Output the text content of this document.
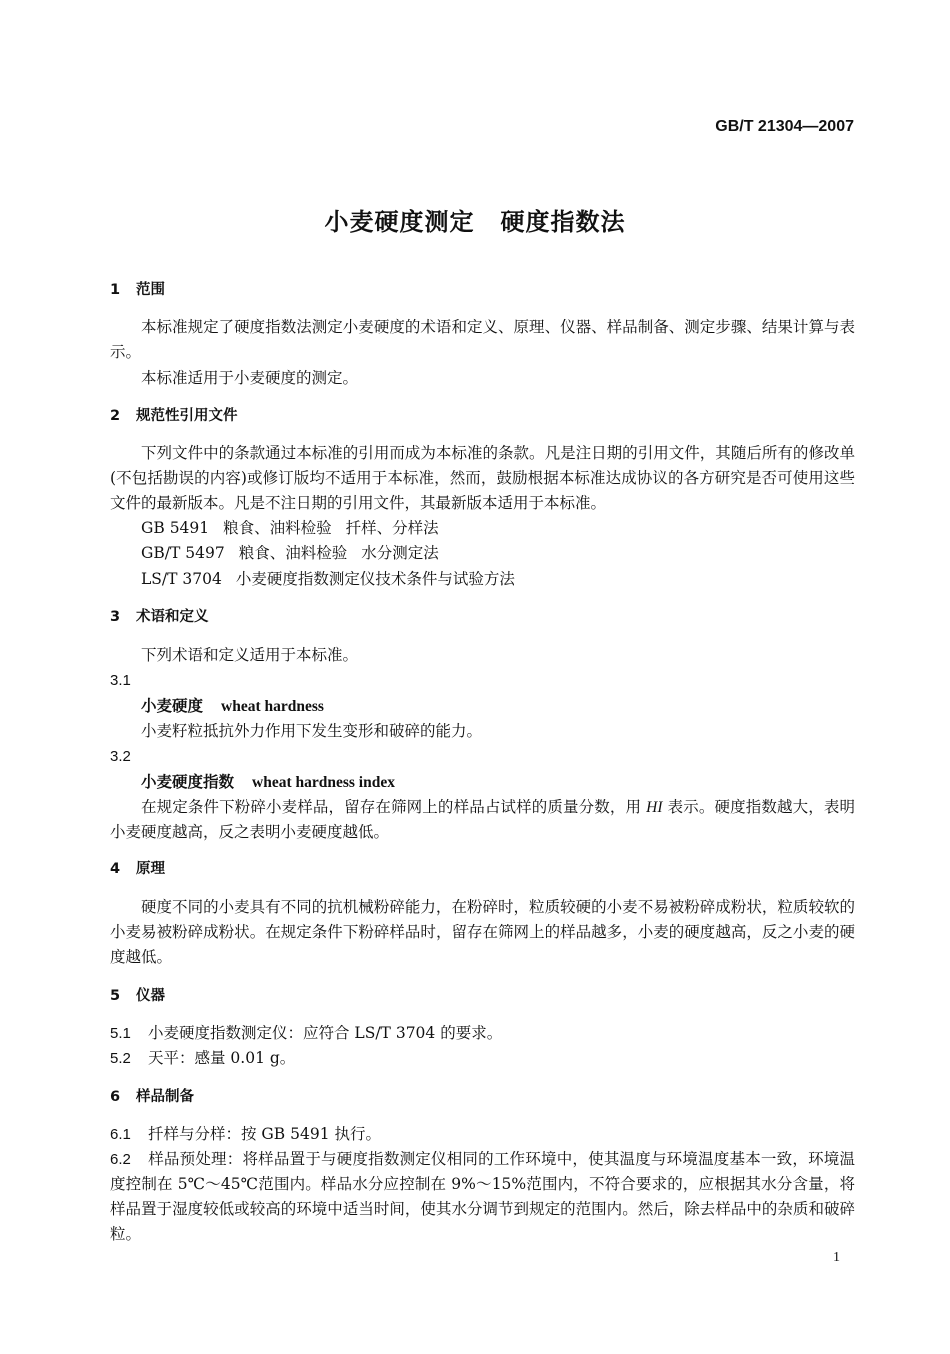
GB/T 21304—2007
小麦硬度测定 硬度指数法
1 范围
本标准规定了硬度指数法测定小麦硬度的术语和定义、原理、仪器、样品制备、测定步骤、结果计算与表示。
本标准适用于小麦硬度的测定。
2 规范性引用文件
下列文件中的条款通过本标准的引用而成为本标准的条款。凡是注日期的引用文件，其随后所有的修改单(不包括勘误的内容)或修订版均不适用于本标准，然而，鼓励根据本标准达成协议的各方研究是否可使用这些文件的最新版本。凡是不注日期的引用文件，其最新版本适用于本标准。
GB 5491 粮食、油料检验 扦样、分样法
GB/T 5497 粮食、油料检验 水分测定法
LS/T 3704 小麦硬度指数测定仪技术条件与试验方法
3 术语和定义
下列术语和定义适用于本标准。
3.1
小麦硬度 wheat hardness
小麦籽粒抵抗外力作用下发生变形和破碎的能力。
3.2
小麦硬度指数 wheat hardness index
在规定条件下粉碎小麦样品，留存在筛网上的样品占试样的质量分数，用 HI 表示。硬度指数越大，表明小麦硬度越高，反之表明小麦硬度越低。
4 原理
硬度不同的小麦具有不同的抗机械粉碎能力，在粉碎时，粒质较硬的小麦不易被粉碎成粉状，粒质较软的小麦易被粉碎成粉状。在规定条件下粉碎样品时，留存在筛网上的样品越多，小麦的硬度越高，反之小麦的硬度越低。
5 仪器
5.1 小麦硬度指数测定仪：应符合 LS/T 3704 的要求。
5.2 天平：感量 0.01 g。
6 样品制备
6.1 扦样与分样：按 GB 5491 执行。
6.2 样品预处理：将样品置于与硬度指数测定仪相同的工作环境中，使其温度与环境温度基本一致，环境温度控制在 5℃～45℃范围内。样品水分应控制在 9%～15%范围内，不符合要求的，应根据其水分含量，将样品置于湿度较低或较高的环境中适当时间，使其水分调节到规定的范围内。然后，除去样品中的杂质和破碎粒。
1
